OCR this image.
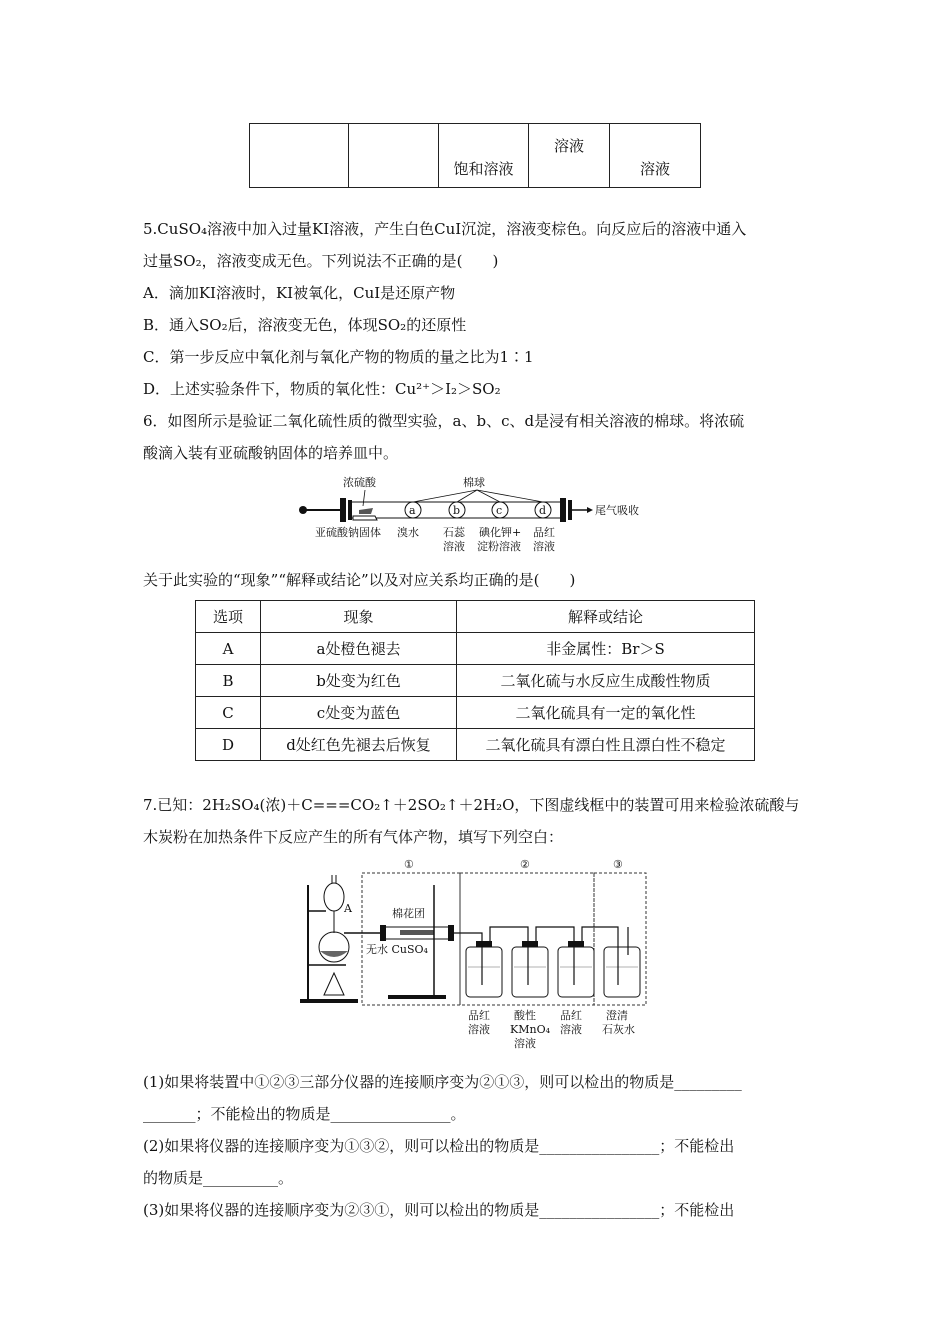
		饱和溶液	溶液	溶液
5.CuSO₄溶液中加入过量KI溶液，产生白色CuI沉淀，溶液变棕色。向反应后的溶液中通入
过量SO₂，溶液变成无色。下列说法不正确的是(　　)
A．滴加KI溶液时，KI被氧化，CuI是还原产物
B．通入SO₂后，溶液变无色，体现SO₂的还原性
C．第一步反应中氧化剂与氧化产物的物质的量之比为1∶1
D．上述实验条件下，物质的氧化性：Cu²⁺＞I₂＞SO₂
6．如图所示是验证二氧化硫性质的微型实验，a、b、c、d是浸有相关溶液的棉球。将浓硫
酸滴入装有亚硫酸钠固体的培养皿中。
a	b	c	d
浓硫酸	棉球
亚硫酸钠固体 溴水 石蕊
溶液
碘化钾+
淀粉溶液
品红
溶液
尾气吸收
关于此实验的“现象”“解释或结论”以及对应关系均正确的是(　　)
选项	现象	解释或结论
A	a处橙色褪去	非金属性：Br＞S
B	b处变为红色	二氧化硫与水反应生成酸性物质
C	c处变为蓝色	二氧化硫具有一定的氧化性
D	d处红色先褪去后恢复	二氧化硫具有漂白性且漂白性不稳定
7.已知：2H₂SO₄(浓)＋C===CO₂↑＋2SO₂↑＋2H₂O，下图虚线框中的装置可用来检验浓硫酸与
木炭粉在加热条件下反应产生的所有气体产物，填写下列空白：
①	②	③
A	棉花团
无水 CuSO₄
品红
溶液
酸性
KMnO₄
溶液
品红
溶液
澄清
石灰水
(1)如果将装置中①②③三部分仪器的连接顺序变为②①③，则可以检出的物质是_________
_______；不能检出的物质是________________。
(2)如果将仪器的连接顺序变为①③②，则可以检出的物质是________________；不能检出
的物质是__________。
(3)如果将仪器的连接顺序变为②③①，则可以检出的物质是________________；不能检出
